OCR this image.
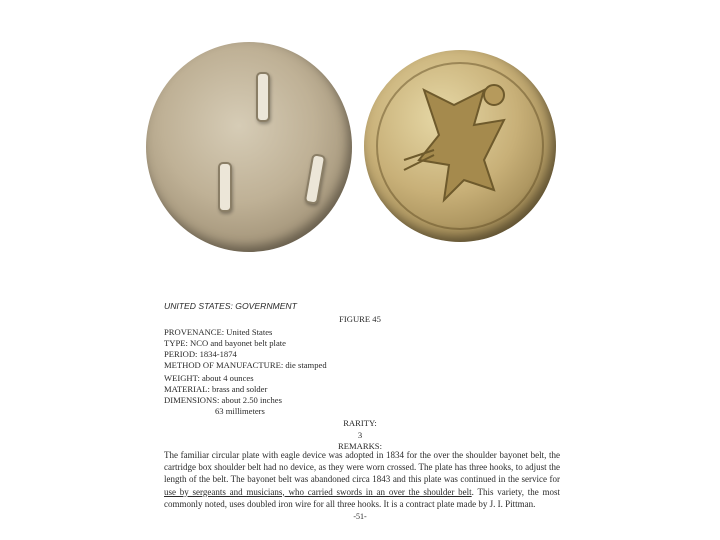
UNITED STATES: GOVERNMENT
FIGURE 45
PROVENANCE: United States
TYPE: NCO and bayonet belt plate
PERIOD: 1834-1874
METHOD OF MANUFACTURE: die stamped
WEIGHT: about 4 ounces
MATERIAL: brass and solder
DIMENSIONS: about 2.50 inches
63 millimeters
RARITY:
3
REMARKS:
The familiar circular plate with eagle device was adopted in 1834 for the over the shoulder bayonet belt, the cartridge box shoulder belt had no device, as they were worn crossed. The plate has three hooks, to adjust the length of the belt. The bayonet belt was abandoned circa 1843 and this plate was continued in the service for use by sergeants and musicians, who carried swords in an over the shoulder belt. This variety, the most commonly noted, uses doubled iron wire for all three hooks. It is a contract plate made by J. I. Pittman.
-51-
